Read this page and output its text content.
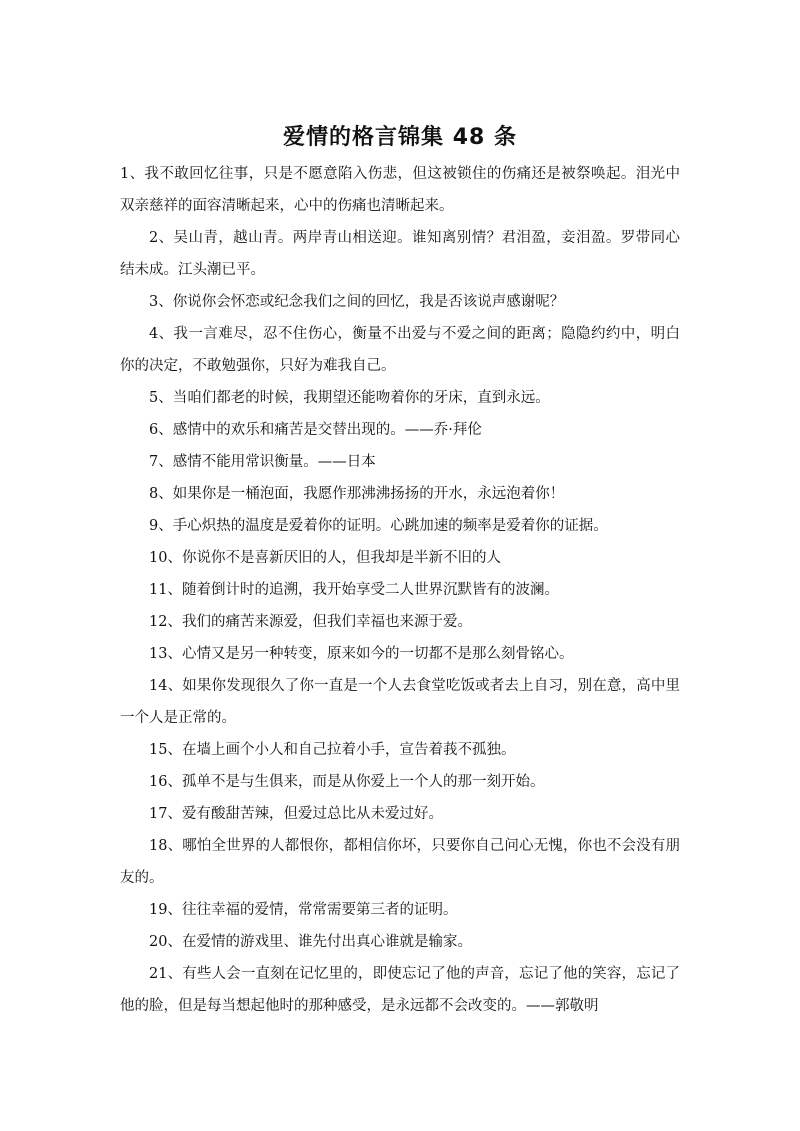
爱情的格言锦集 48 条

1、我不敢回忆往事，只是不愿意陷入伤悲，但这被锁住的伤痛还是被祭唤起。泪光中双亲慈祥的面容清晰起来，心中的伤痛也清晰起来。

2、吴山青，越山青。两岸青山相送迎。谁知离别情？君泪盈，妾泪盈。罗带同心结未成。江头潮已平。

3、你说你会怀恋或纪念我们之间的回忆，我是否该说声感谢呢？

4、我一言难尽，忍不住伤心，衡量不出爱与不爱之间的距离；隐隐约约中，明白你的决定，不敢勉强你，只好为难我自己。

5、当咱们都老的时候，我期望还能吻着你的牙床，直到永远。

6、感情中的欢乐和痛苦是交替出现的。——乔·拜伦

7、感情不能用常识衡量。——日本

8、如果你是一桶泡面，我愿作那沸沸扬扬的开水，永远泡着你！

9、手心炽热的温度是爱着你的证明。心跳加速的频率是爱着你的证据。

10、你说你不是喜新厌旧的人，但我却是半新不旧的人

11、随着倒计时的追溯，我开始享受二人世界沉默皆有的波澜。

12、我们的痛苦来源爱，但我们幸福也来源于爱。

13、心情又是另一种转变，原来如今的一切都不是那么刻骨铭心。

14、如果你发现很久了你一直是一个人去食堂吃饭或者去上自习，别在意，高中里一个人是正常的。

15、在墙上画个小人和自己拉着小手，宣告着莪不孤独。

16、孤单不是与生俱来，而是从你爱上一个人的那一刻开始。

17、爱有酸甜苦辣，但爱过总比从未爱过好。

18、哪怕全世界的人都恨你，都相信你坏，只要你自己问心无愧，你也不会没有朋友的。

19、往往幸福的爱情，常常需要第三者的证明。

20、在爱情的游戏里、谁先付出真心谁就是输家。

21、有些人会一直刻在记忆里的，即使忘记了他的声音，忘记了他的笑容，忘记了他的脸，但是每当想起他时的那种感受，是永远都不会改变的。——郭敬明
